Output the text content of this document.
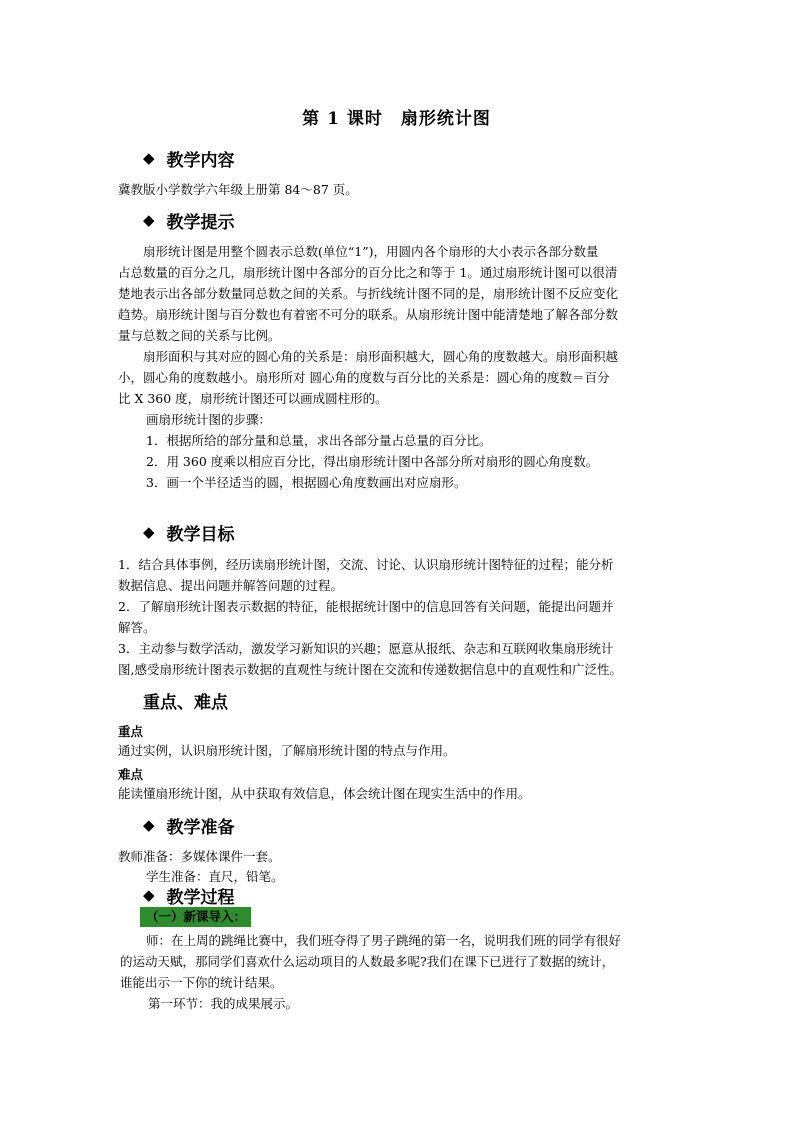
第 1 课时 扇形统计图
◆ 教学内容
冀教版小学数学六年级上册第 84～87 页。
◆ 教学提示
扇形统计图是用整个圆表示总数(单位“1”)，用圆内各个扇形的大小表示各部分数量
占总数量的百分之几，扇形统计图中各部分的百分比之和等于 1。通过扇形统计图可以很清
楚地表示出各部分数量同总数之间的关系。与折线统计图不同的是，扇形统计图不反应变化
趋势。扇形统计图与百分数也有着密不可分的联系。从扇形统计图中能清楚地了解各部分数
量与总数之间的关系与比例。
扇形面积与其对应的圆心角的关系是：扇形面积越大，圆心角的度数越大。扇形面积越
小，圆心角的度数越小。扇形所对 圆心角的度数与百分比的关系是：圆心角的度数＝百分
比 X 360 度，扇形统计图还可以画成圆柱形的。
画扇形统计图的步骤：
1．根据所给的部分量和总量，求出各部分量占总量的百分比。
2．用 360 度乘以相应百分比，得出扇形统计图中各部分所对扇形的圆心角度数。
3．画一个半径适当的圆，根据圆心角度数画出对应扇形。
◆ 教学目标
1．结合具体事例，经历读扇形统计图，交流、讨论、认识扇形统计图特征的过程；能分析
数据信息、提出问题并解答问题的过程。
2．了解扇形统计图表示数据的特征，能根据统计图中的信息回答有关问题，能提出问题并
解答。
3．主动参与数学活动，激发学习新知识的兴趣；愿意从报纸、杂志和互联网收集扇形统计
图,感受扇形统计图表示数据的直观性与统计图在交流和传递数据信息中的直观性和广泛性。
重点、难点
重点
通过实例，认识扇形统计图，了解扇形统计图的特点与作用。
难点
能读懂扇形统计图，从中获取有效信息，体会统计图在现实生活中的作用。
◆ 教学准备
教师准备：多媒体课件一套。
学生准备：直尺，铅笔。
◆ 教学过程
（一）新课导入：
师：在上周的跳绳比赛中，我们班夺得了男子跳绳的第一名，说明我们班的同学有很好
的运动天赋，那同学们喜欢什么运动项目的人数最多呢?我们在课下已进行了数据的统计，
谁能出示一下你的统计结果。
第一环节：我的成果展示。
